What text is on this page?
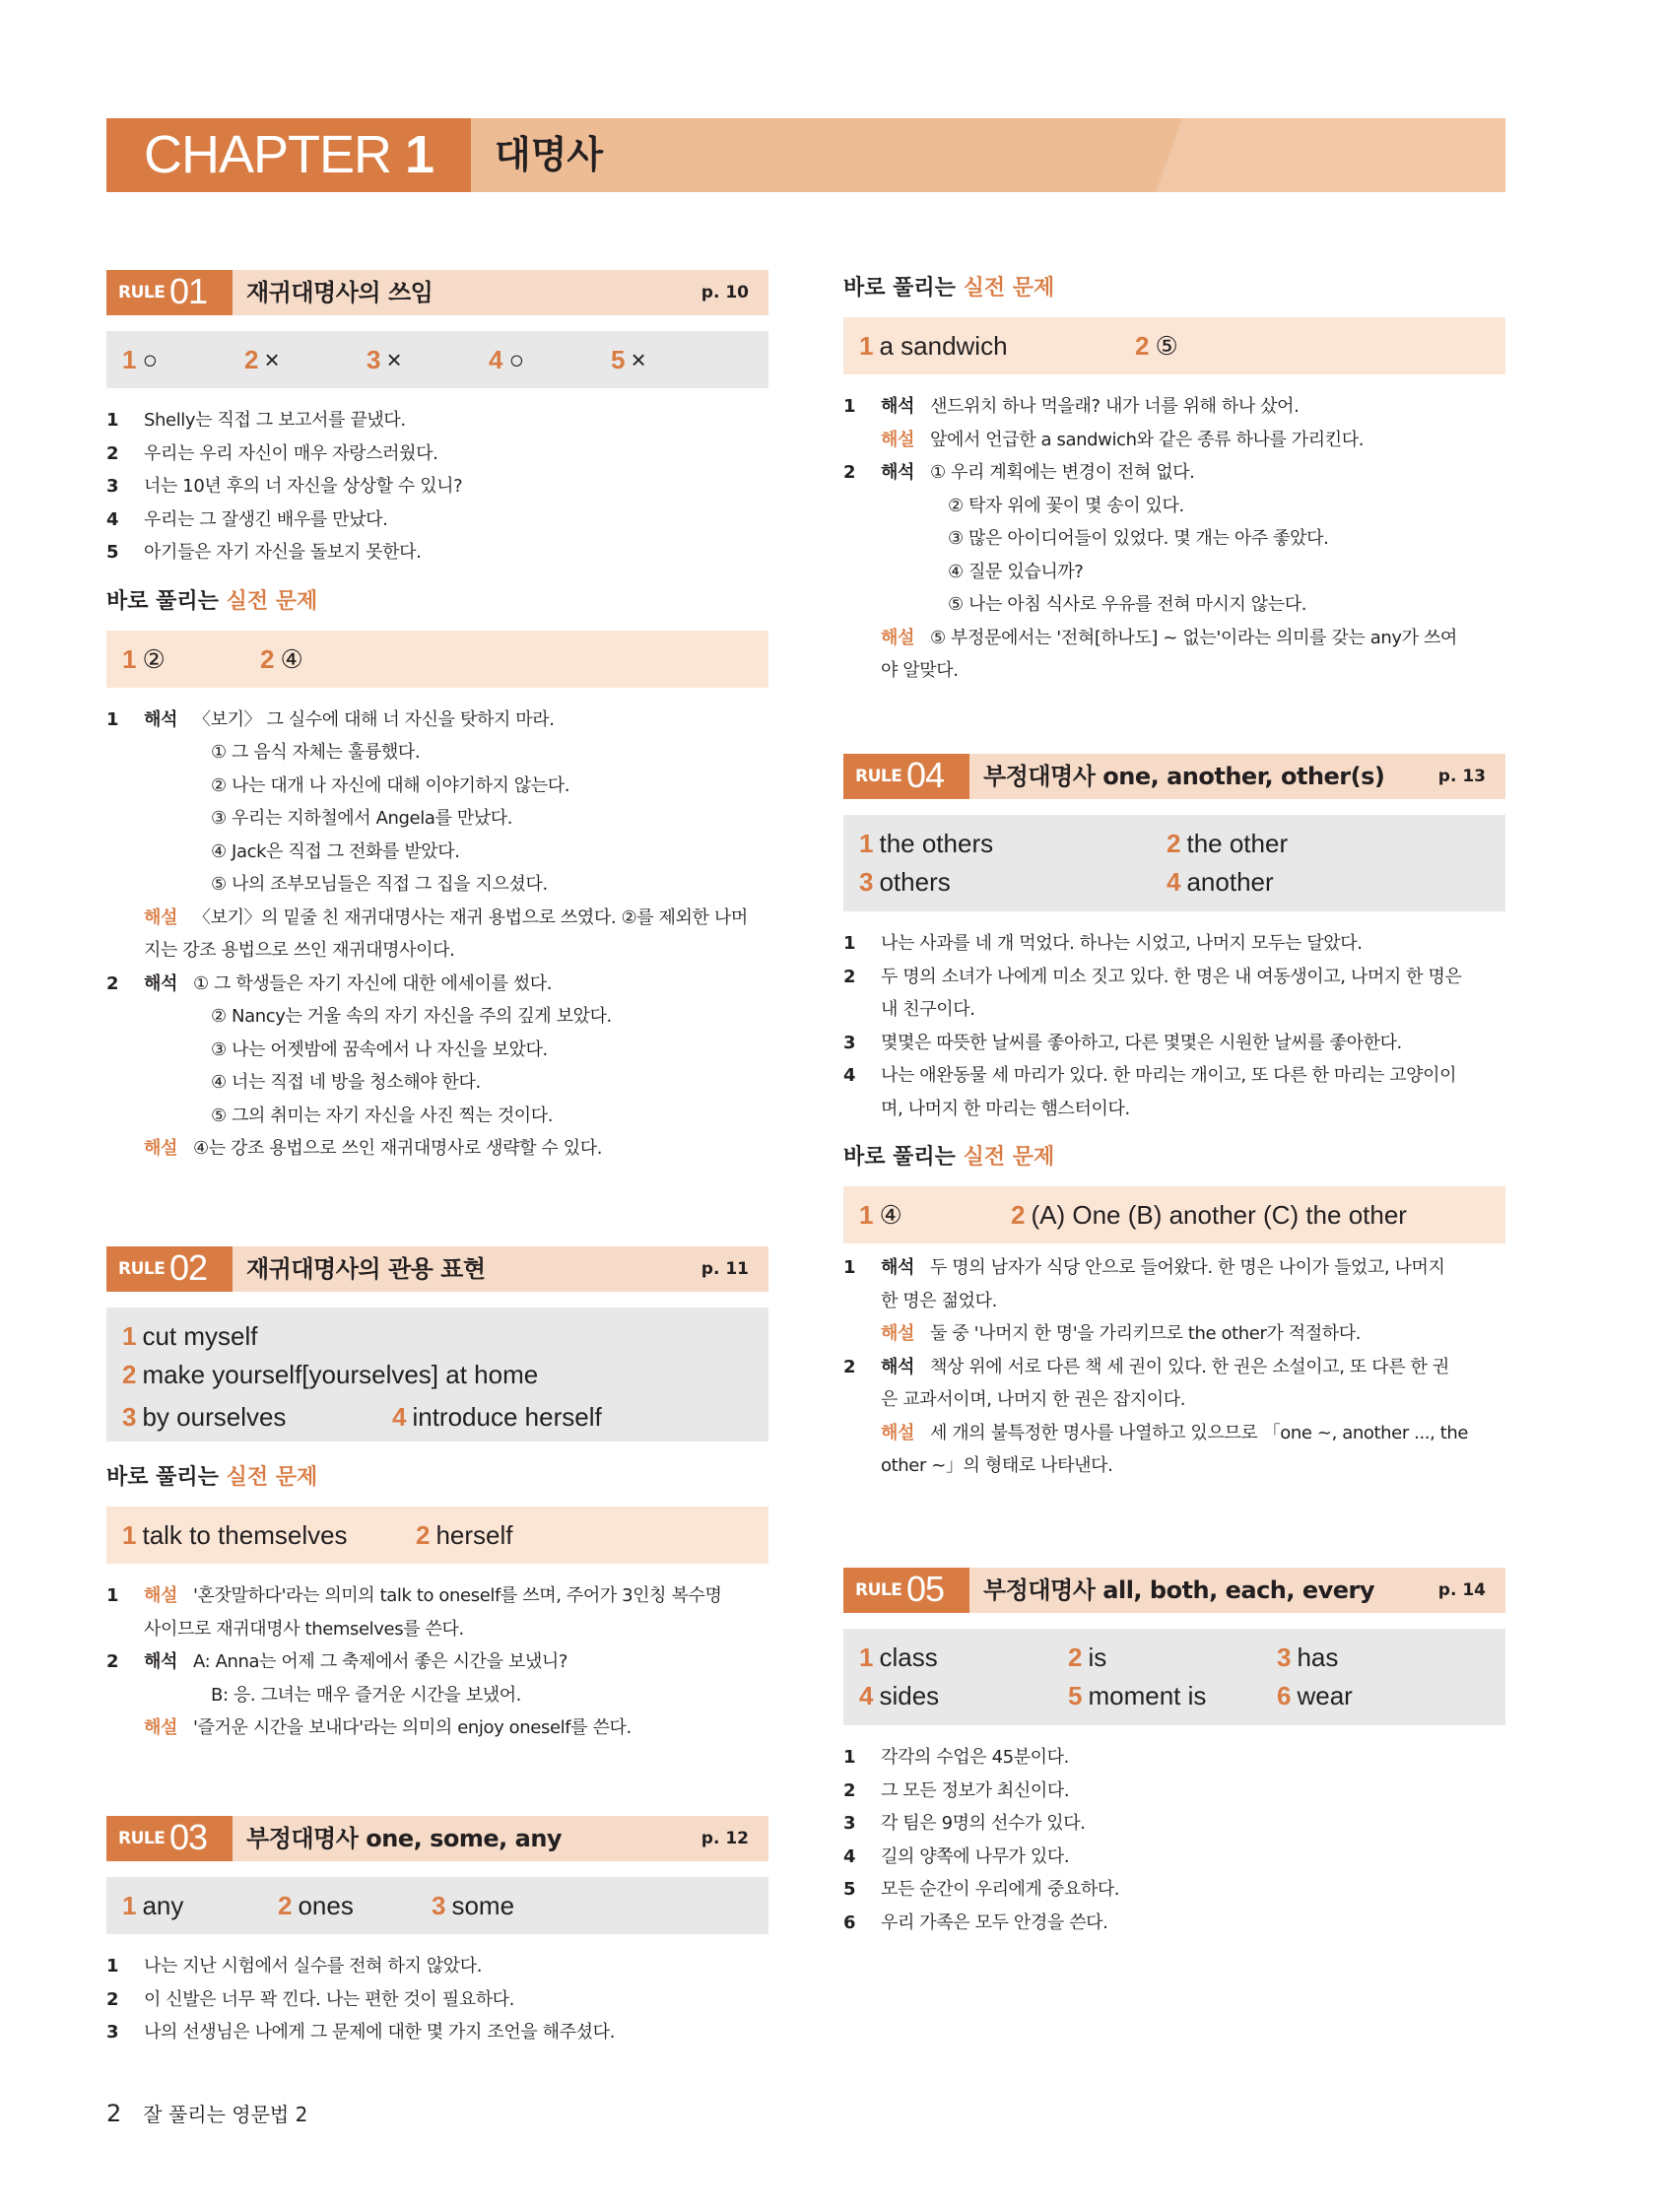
CHAPTER 1	대명사
RULE 01 재귀대명사의 쓰임	p. 10
1 ○	2 ×	3 ×	4 ○	5 ×
1 Shelly는 직접 그 보고서를 끝냈다.
2 우리는 우리 자신이 매우 자랑스러웠다.
3 너는 10년 후의 너 자신을 상상할 수 있니?
4 우리는 그 잘생긴 배우를 만났다.
5 아기들은 자기 자신을 돌보지 못한다.
바로 풀리는 실전 문제
1 ②	2 ④
1 해석 〈보기〉 그 실수에 대해 너 자신을 탓하지 마라.
① 그 음식 자체는 훌륭했다.
② 나는 대개 나 자신에 대해 이야기하지 않는다.
③ 우리는 지하철에서 Angela를 만났다.
④ Jack은 직접 그 전화를 받았다.
⑤ 나의 조부모님들은 직접 그 집을 지으셨다.
해설 〈보기〉의 밑줄 친 재귀대명사는 재귀 용법으로 쓰였다. ②를 제외한 나머
지는 강조 용법으로 쓰인 재귀대명사이다.
2 해석 ① 그 학생들은 자기 자신에 대한 에세이를 썼다.
② Nancy는 거울 속의 자기 자신을 주의 깊게 보았다.
③ 나는 어젯밤에 꿈속에서 나 자신을 보았다.
④ 너는 직접 네 방을 청소해야 한다.
⑤ 그의 취미는 자기 자신을 사진 찍는 것이다.
해설 ④는 강조 용법으로 쓰인 재귀대명사로 생략할 수 있다.
RULE 02 재귀대명사의 관용 표현	p. 11
1 cut myself
2 make yourself[yourselves] at home
3 by ourselves	4 introduce herself
바로 풀리는 실전 문제
1 talk to themselves	2 herself
1 해설 '혼잣말하다'라는 의미의 talk to oneself를 쓰며, 주어가 3인칭 복수명
사이므로 재귀대명사 themselves를 쓴다.
2 해석 A: Anna는 어제 그 축제에서 좋은 시간을 보냈니?
B: 응. 그녀는 매우 즐거운 시간을 보냈어.
해설 '즐거운 시간을 보내다'라는 의미의 enjoy oneself를 쓴다.
RULE 03 부정대명사 one, some, any	p. 12
1 any	2 ones	3 some
1 나는 지난 시험에서 실수를 전혀 하지 않았다.
2 이 신발은 너무 꽉 낀다. 나는 편한 것이 필요하다.
3 나의 선생님은 나에게 그 문제에 대한 몇 가지 조언을 해주셨다.
바로 풀리는 실전 문제
1 a sandwich	2 ⑤
1 해석 샌드위치 하나 먹을래? 내가 너를 위해 하나 샀어.
해설 앞에서 언급한 a sandwich와 같은 종류 하나를 가리킨다.
2 해석 ① 우리 계획에는 변경이 전혀 없다.
② 탁자 위에 꽃이 몇 송이 있다.
③ 많은 아이디어들이 있었다. 몇 개는 아주 좋았다.
④ 질문 있습니까?
⑤ 나는 아침 식사로 우유를 전혀 마시지 않는다.
해설 ⑤ 부정문에서는 '전혀[하나도] ~ 없는'이라는 의미를 갖는 any가 쓰여
야 알맞다.
RULE 04 부정대명사 one, another, other(s)	p. 13
1 the others	2 the other
3 others	4 another
1 나는 사과를 네 개 먹었다. 하나는 시었고, 나머지 모두는 달았다.
2 두 명의 소녀가 나에게 미소 짓고 있다. 한 명은 내 여동생이고, 나머지 한 명은
내 친구이다.
3 몇몇은 따뜻한 날씨를 좋아하고, 다른 몇몇은 시원한 날씨를 좋아한다.
4 나는 애완동물 세 마리가 있다. 한 마리는 개이고, 또 다른 한 마리는 고양이이
며, 나머지 한 마리는 햄스터이다.
바로 풀리는 실전 문제
1 ④	2 (A) One (B) another (C) the other
1 해석 두 명의 남자가 식당 안으로 들어왔다. 한 명은 나이가 들었고, 나머지
한 명은 젊었다.
해설 둘 중 '나머지 한 명'을 가리키므로 the other가 적절하다.
2 해석 책상 위에 서로 다른 책 세 권이 있다. 한 권은 소설이고, 또 다른 한 권
은 교과서이며, 나머지 한 권은 잡지이다.
해설 세 개의 불특정한 명사를 나열하고 있으므로 「one ~, another ..., the
other ~」의 형태로 나타낸다.
RULE 05 부정대명사 all, both, each, every	p. 14
1 class	2 is	3 has
4 sides	5 moment is	6 wear
1 각각의 수업은 45분이다.
2 그 모든 정보가 최신이다.
3 각 팀은 9명의 선수가 있다.
4 길의 양쪽에 나무가 있다.
5 모든 순간이 우리에게 중요하다.
6 우리 가족은 모두 안경을 쓴다.
2 잘 풀리는 영문법 2
